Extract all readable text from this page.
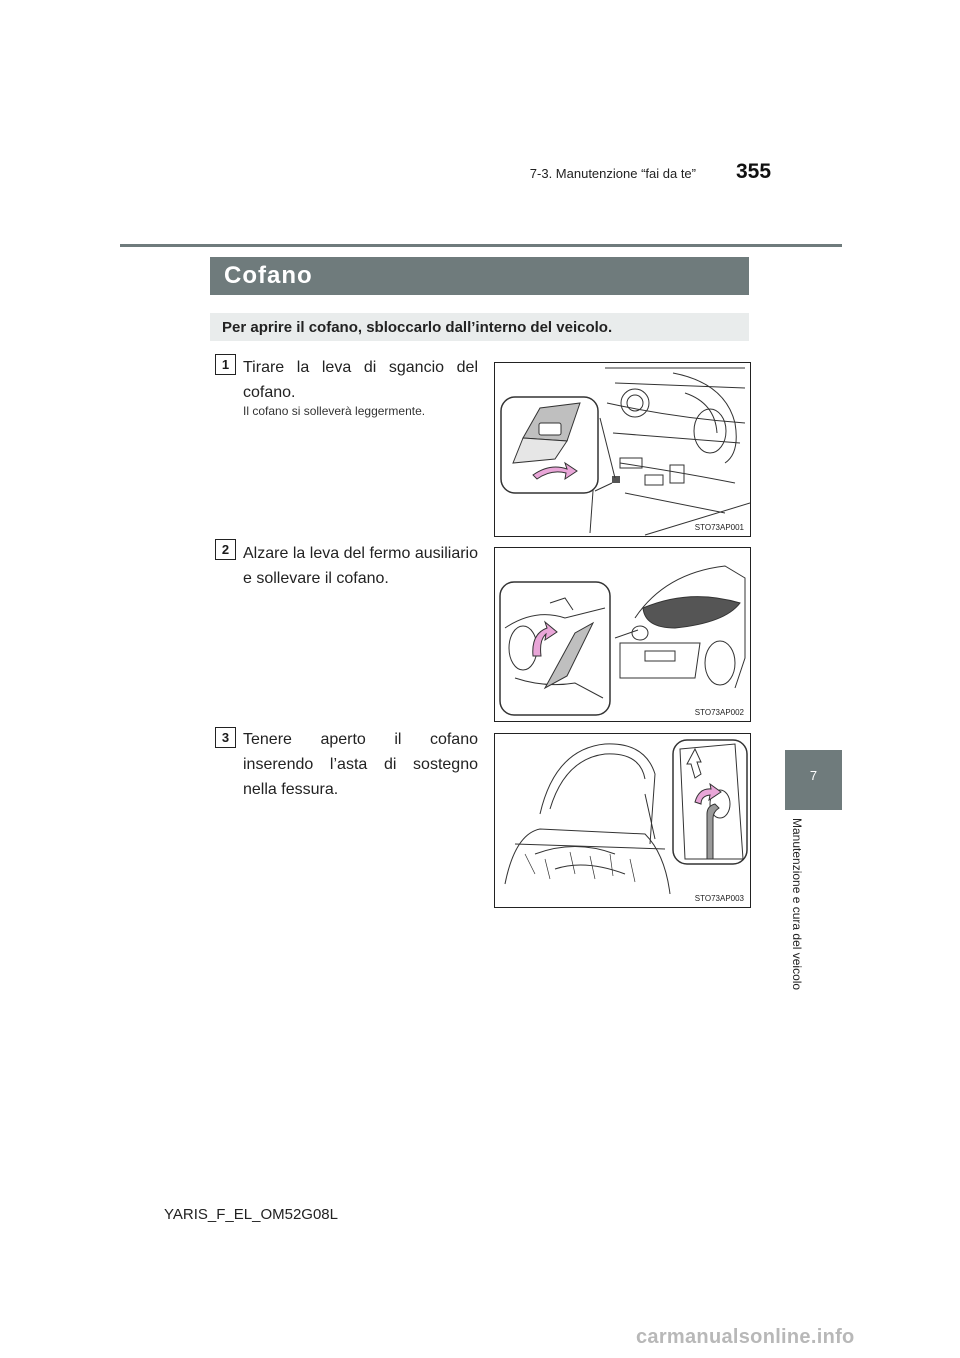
7-3. Manutenzione “fai da te” 355
Cofano
Per aprire il cofano, sbloccarlo dall’interno del veicolo.
1 Tirare la leva di sgancio del cofano.
Il cofano si solleverà leggermente.
STO73AP001
2 Alzare la leva del fermo ausiliario e sollevare il cofano.
STO73AP002
3 Tenere aperto il cofano inserendo l’asta di sostegno nella fessura.
STO73AP003
7
Manutenzione e cura del veicolo
YARIS_F_EL_OM52G08L
carmanualsonline.info
